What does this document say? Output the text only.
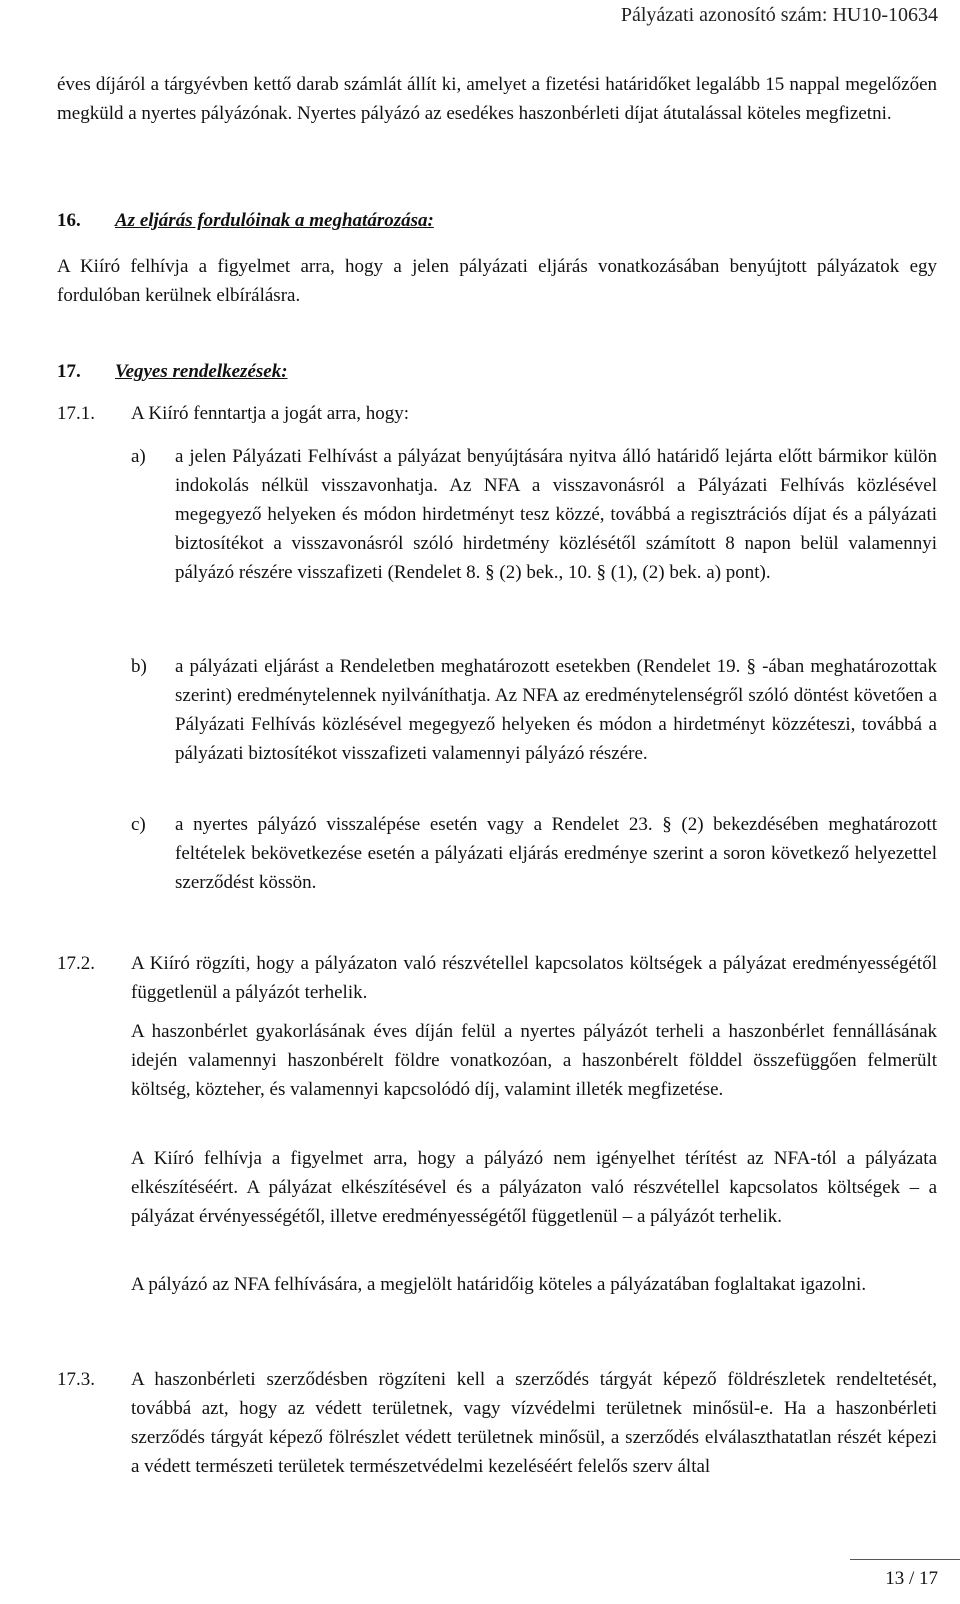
Pályázati azonosító szám: HU10-10634

éves díjáról a tárgyévben kettő darab számlát állít ki, amelyet a fizetési határidőket legalább 15 nappal megelőzően megküld a nyertes pályázónak. Nyertes pályázó az esedékes haszonbérleti díjat átutalással köteles megfizetni.

16. Az eljárás fordulóinak a meghatározása:

A Kiíró felhívja a figyelmet arra, hogy a jelen pályázati eljárás vonatkozásában benyújtott pályázatok egy fordulóban kerülnek elbírálásra.

17. Vegyes rendelkezések:
17.1.	A Kiíró fenntartja a jogát arra, hogy:
a) a jelen Pályázati Felhívást a pályázat benyújtására nyitva álló határidő lejárta előtt bármikor külön indokolás nélkül visszavonhatja. Az NFA a visszavonásról a Pályázati Felhívás közlésével megegyező helyeken és módon hirdetményt tesz közzé, továbbá a regisztrációs díjat és a pályázati biztosítékot a visszavonásról szóló hirdetmény közlésétől számított 8 napon belül valamennyi pályázó részére visszafizeti (Rendelet 8. § (2) bek., 10. § (1), (2) bek. a) pont).

b) a pályázati eljárást a Rendeletben meghatározott esetekben (Rendelet 19. § -ában meghatározottak szerint) eredménytelennek nyilváníthatja. Az NFA az eredménytelenségről szóló döntést követően a Pályázati Felhívás közlésével megegyező helyeken és módon a hirdetményt közzéteszi, továbbá a pályázati biztosítékot visszafizeti valamennyi pályázó részére.

c) a nyertes pályázó visszalépése esetén vagy a Rendelet 23. § (2) bekezdésében meghatározott feltételek bekövetkezése esetén a pályázati eljárás eredménye szerint a soron következő helyezettel szerződést kössön.

17.2.	A Kiíró rögzíti, hogy a pályázaton való részvétellel kapcsolatos költségek a pályázat eredményességétől függetlenül a pályázót terhelik.

A haszonbérlet gyakorlásának éves díján felül a nyertes pályázót terheli a haszonbérlet fennállásának idején valamennyi haszonbérelt földre vonatkozóan, a haszonbérelt földdel összefüggően felmerült költség, közteher, és valamennyi kapcsolódó díj, valamint illeték megfizetése.

A Kiíró felhívja a figyelmet arra, hogy a pályázó nem igényelhet térítést az NFA-tól a pályázata elkészítéséért. A pályázat elkészítésével és a pályázaton való részvétellel kapcsolatos költségek – a pályázat érvényességétől, illetve eredményességétől függetlenül – a pályázót terhelik.

A pályázó az NFA felhívására, a megjelölt határidőig köteles a pályázatában foglaltakat igazolni.

17.3.	A haszonbérleti szerződésben rögzíteni kell a szerződés tárgyát képező földrészletek rendeltetését, továbbá azt, hogy az védett területnek, vagy vízvédelmi területnek minősül-e. Ha a haszonbérleti szerződés tárgyát képező fölrészlet védett területnek minősül, a szerződés elválaszthatatlan részét képezi a védett természeti területek természetvédelmi kezeléséért felelős szerv által

13 / 17
